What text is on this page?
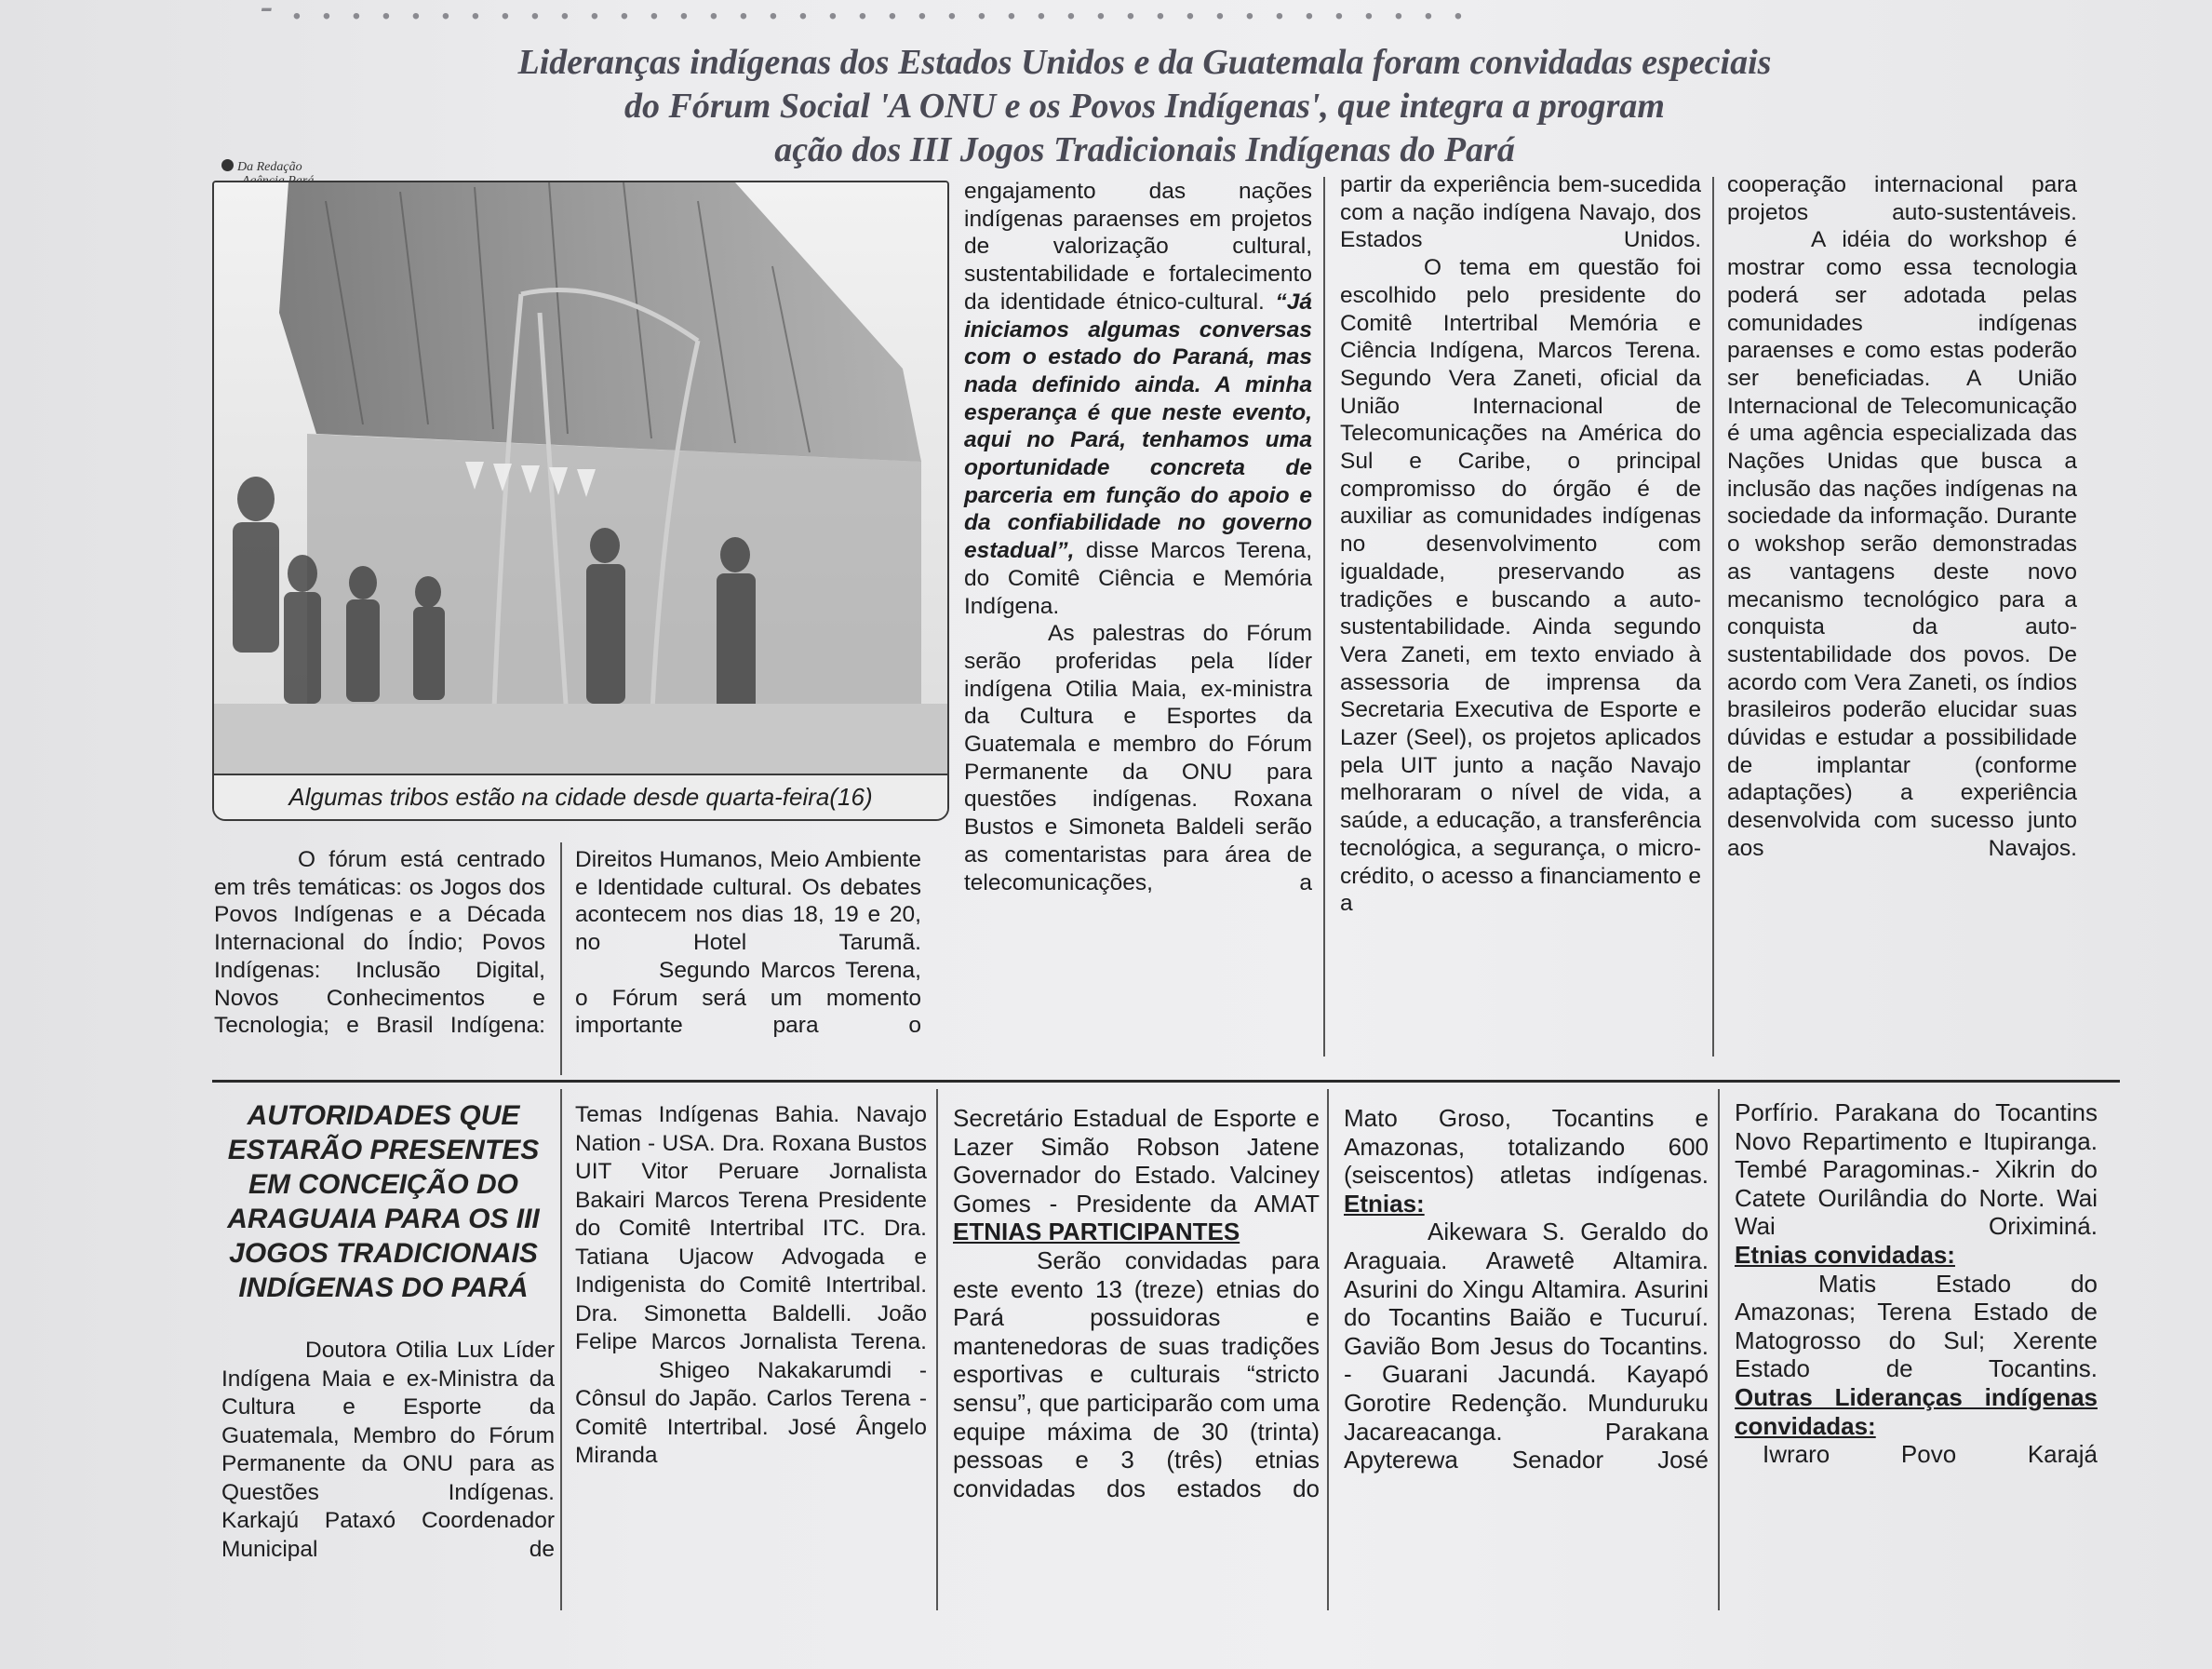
- . . . . . . . . . . . . . . . . . . . . . . . . . . . . . . . . . . . . . . . .
Lideranças indígenas dos Estados Unidos e da Guatemala foram convidadas especiais
do Fórum Social 'A ONU e os Povos Indígenas', que integra a program
ação dos III Jogos Tradicionais Indígenas do Pará
Da Redação
Algumas tribos estão na cidade desde quarta-feira(16)

O fórum está centrado em três temáticas: os Jogos dos Povos Indígenas e a Década Internacional do Índio; Povos Indígenas: Inclusão Digital, Novos Conhecimentos e Tecnologia; e Brasil Indígena:

Direitos Humanos, Meio Ambiente e Identidade cultural. Os debates acontecem nos dias 18, 19 e 20, no Hotel Tarumã.

Segundo Marcos Terena, o Fórum será um momento importante para o

engajamento das nações indígenas paraenses em projetos de valorização cultural, sustentabilidade e fortalecimento da identidade étnico-cultural. “Já iniciamos algumas conversas com o estado do Paraná, mas nada definido ainda. A minha esperança é que neste evento, aqui no Pará, tenhamos uma oportunidade concreta de parceria em função do apoio e da confiabilidade no governo estadual”, disse Marcos Terena, do Comitê Ciência e Memória Indígena.

As palestras do Fórum serão proferidas pela líder indígena Otilia Maia, ex-ministra da Cultura e Esportes da Guatemala e membro do Fórum Permanente da ONU para questões indígenas. Roxana Bustos e Simoneta Baldeli serão as comentaristas para área de telecomunicações, a

partir da experiência bem-sucedida com a nação indígena Navajo, dos Estados Unidos.

O tema em questão foi escolhido pelo presidente do Comitê Intertribal Memória e Ciência Indígena, Marcos Terena. Segundo Vera Zaneti, oficial da União Internacional de Telecomunicações na América do Sul e Caribe, o principal compromisso do órgão é de auxiliar as comunidades indígenas no desenvolvimento com igualdade, preservando as tradições e buscando a auto-sustentabilidade. Ainda segundo Vera Zaneti, em texto enviado à assessoria de imprensa da Secretaria Executiva de Esporte e Lazer (Seel), os projetos aplicados pela UIT junto a nação Navajo melhoraram o nível de vida, a saúde, a educação, a transferência tecnológica, a segurança, o micro-crédito, o acesso a financiamento e a

cooperação internacional para projetos auto-sustentáveis.

A idéia do workshop é mostrar como essa tecnologia poderá ser adotada pelas comunidades indígenas paraenses e como estas poderão ser beneficiadas. A União Internacional de Telecomunicação é uma agência especializada das Nações Unidas que busca a inclusão das nações indígenas na sociedade da informação. Durante o wokshop serão demonstradas as vantagens deste novo mecanismo tecnológico para a conquista da auto-sustentabilidade dos povos. De acordo com Vera Zaneti, os índios brasileiros poderão elucidar suas dúvidas e estudar a possibilidade de implantar (conforme adaptações) a experiência desenvolvida com sucesso junto aos Navajos.

AUTORIDADES QUE ESTARÃO PRESENTES EM CONCEIÇÃO DO ARAGUAIA PARA OS III JOGOS TRADICIONAIS INDÍGENAS DO PARÁ

Doutora Otilia Lux Líder Indígena Maia e ex-Ministra da Cultura e Esporte da Guatemala, Membro do Fórum Permanente da ONU para as Questões Indígenas.

Karkajú Pataxó Coordenador Municipal de

Temas Indígenas Bahia. Navajo Nation - USA. Dra. Roxana Bustos UIT Vitor Peruare Jornalista Bakairi Marcos Terena Presidente do Comitê Intertribal ITC. Dra. Tatiana Ujacow Advogada e Indigenista do Comitê Intertribal. Dra. Simonetta Baldelli. João Felipe Marcos Jornalista Terena.

Shigeo Nakakarumdi - Cônsul do Japão. Carlos Terena - Comitê Intertribal. José Ângelo Miranda

Secretário Estadual de Esporte e Lazer Simão Robson Jatene Governador do Estado. Valciney Gomes - Presidente da AMAT

ETNIAS PARTICIPANTES

Serão convidadas para este evento 13 (treze) etnias do Pará possuidoras e mantenedoras de suas tradições esportivas e culturais “stricto sensu”, que participarão com uma equipe máxima de 30 (trinta) pessoas e 3 (três) etnias convidadas dos estados do

Mato Groso, Tocantins e Amazonas, totalizando 600 (seiscentos) atletas indígenas.

Etnias:

Aikewara S. Geraldo do Araguaia. Arawetê Altamira. Asurini do Xingu Altamira. Asurini do Tocantins Baião e Tucuruí. Gavião Bom Jesus do Tocantins. - Guarani Jacundá. Kayapó Gorotire Redenção. Munduruku Jacareacanga. Parakana Apyterewa Senador José

Porfírio. Parakana do Tocantins Novo Repartimento e Itupiranga. Tembé Paragominas.- Xikrin do Catete Ourilândia do Norte. Wai Wai Oriximiná.

Etnias convidadas:

Matis Estado do Amazonas; Terena Estado de Matogrosso do Sul; Xerente Estado de Tocantins.

Outras Lideranças indígenas convidadas:

Iwraro Povo Karajá
